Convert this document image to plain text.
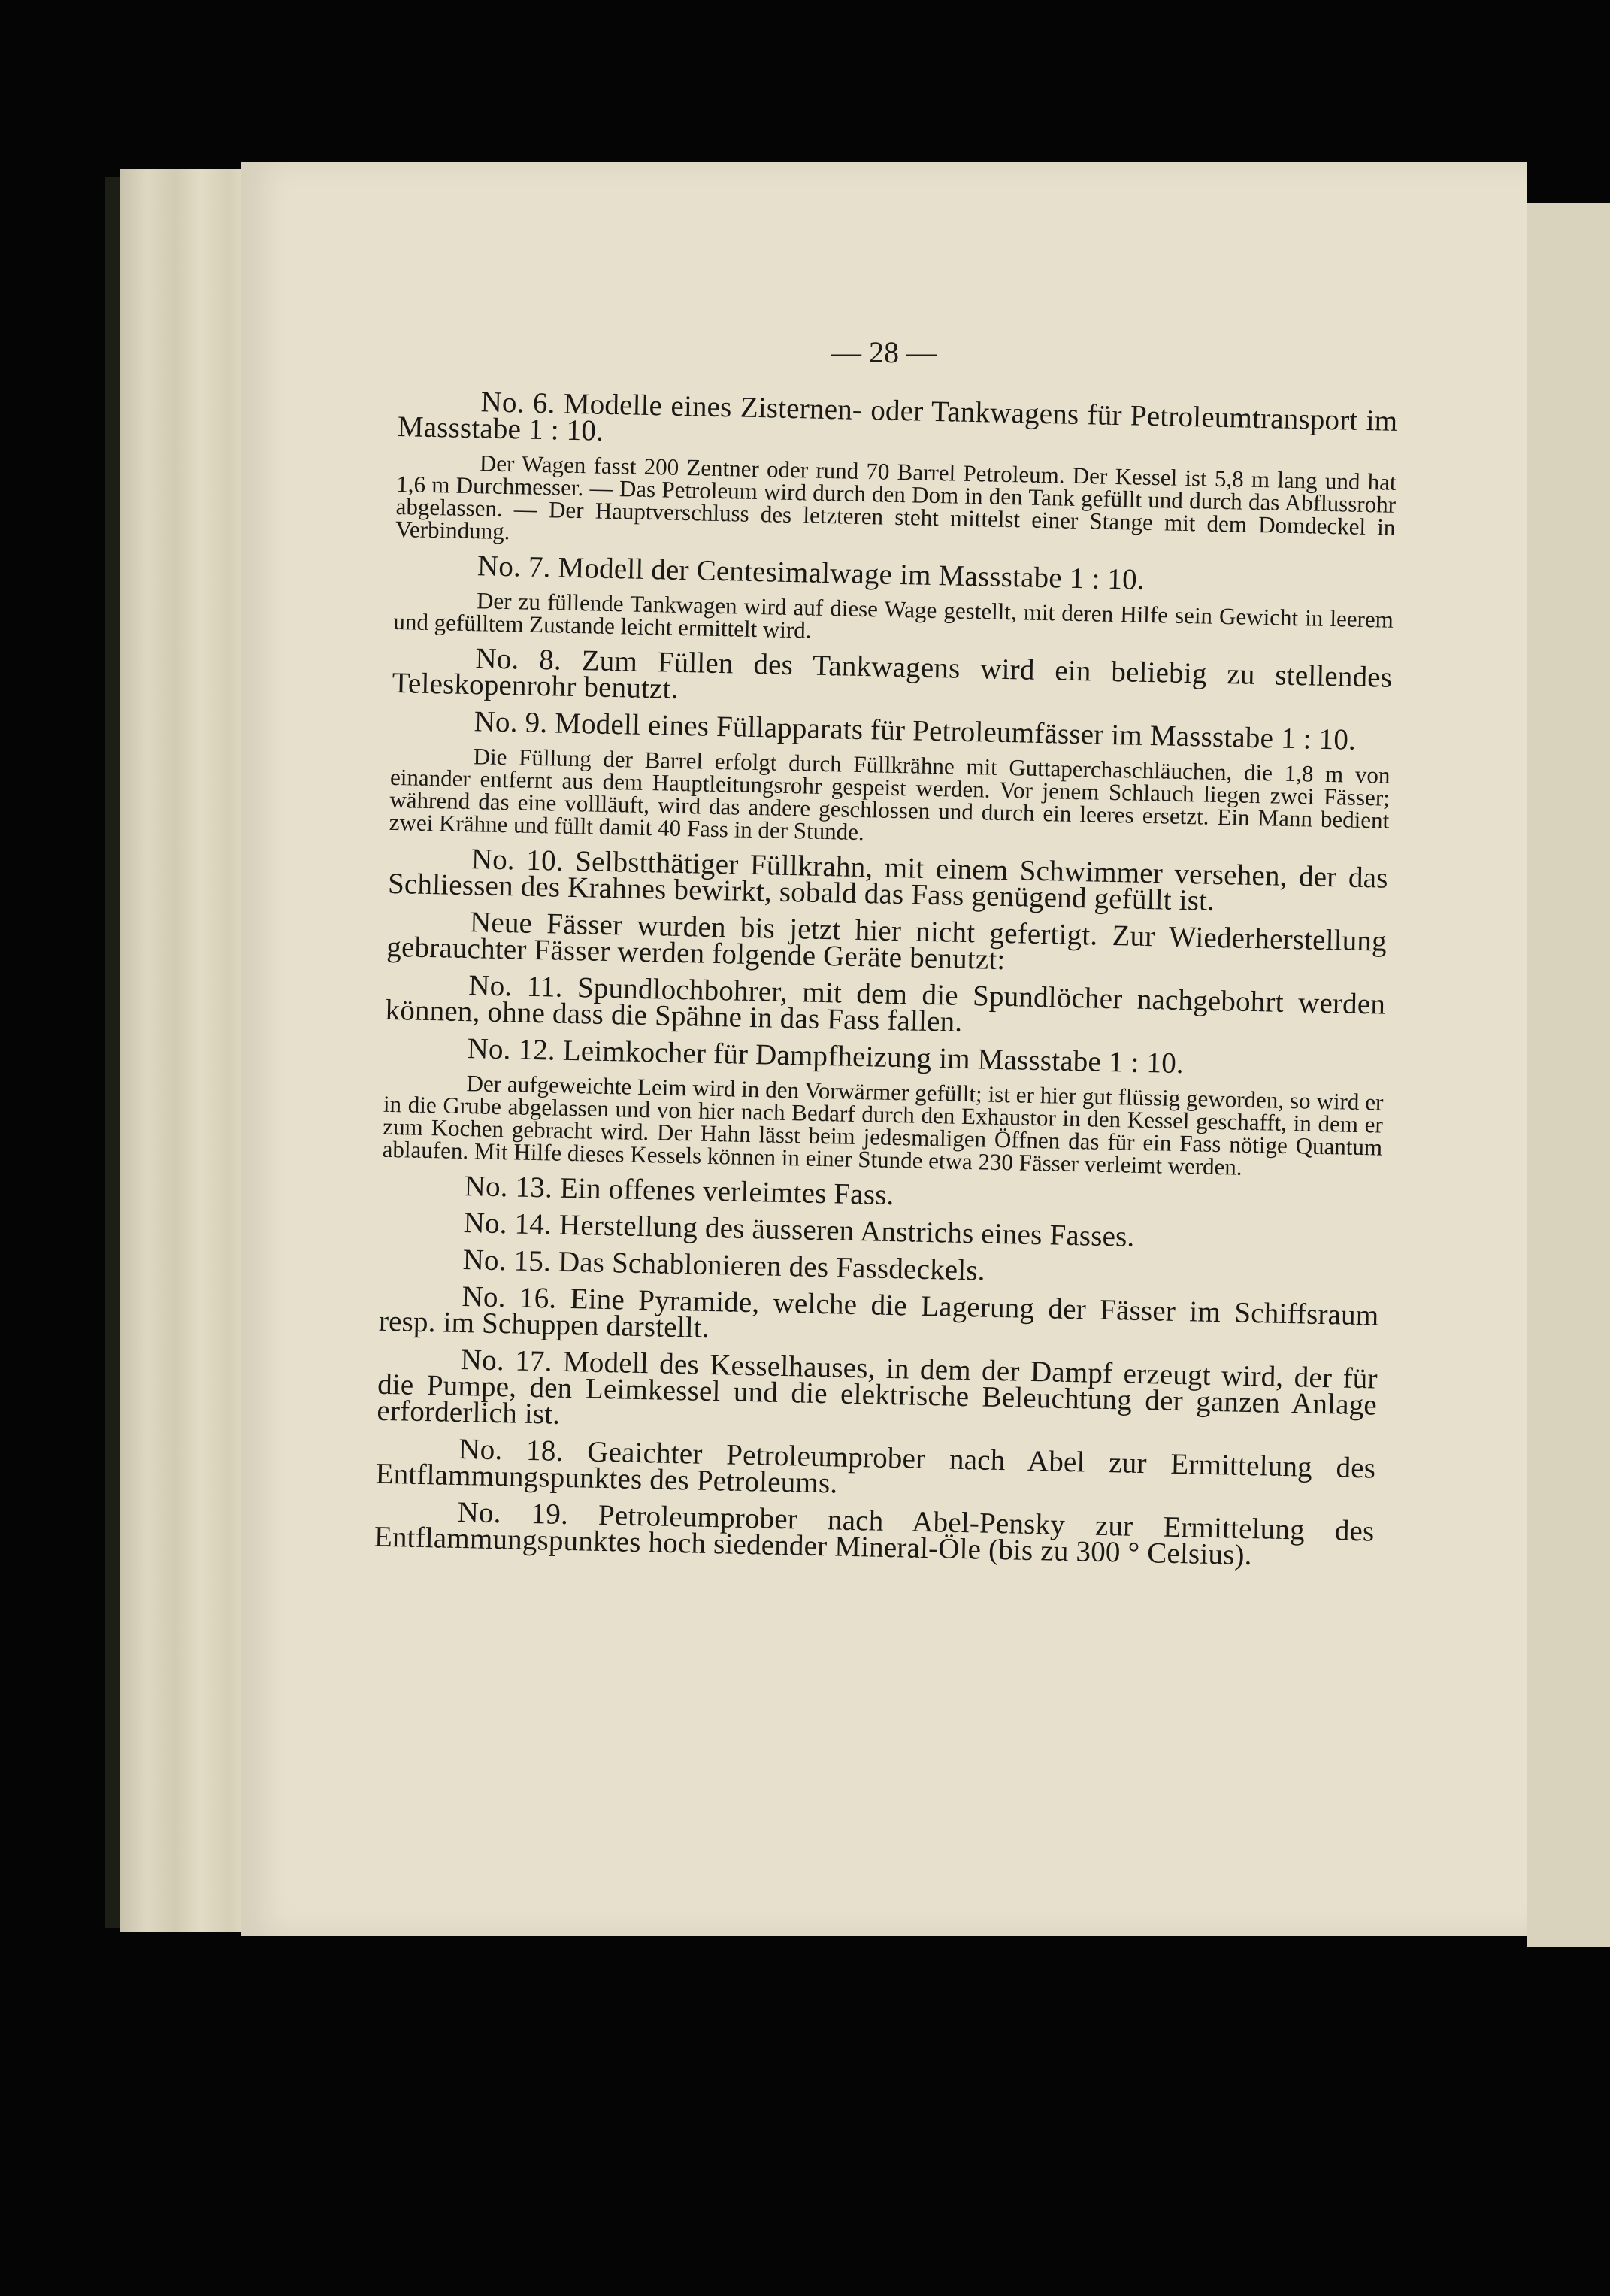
— 28 —

No. 6. Modelle eines Zisternen- oder Tankwagens für Petroleumtransport im Massstabe 1 : 10.

Der Wagen fasst 200 Zentner oder rund 70 Barrel Petroleum. Der Kessel ist 5,8 m lang und hat 1,6 m Durchmesser. — Das Petroleum wird durch den Dom in den Tank gefüllt und durch das Abflussrohr abgelassen. — Der Hauptverschluss des letzteren steht mittelst einer Stange mit dem Domdeckel in Verbindung.

No. 7. Modell der Centesimalwage im Massstabe 1 : 10.

Der zu füllende Tankwagen wird auf diese Wage gestellt, mit deren Hilfe sein Gewicht in leerem und gefülltem Zustande leicht ermittelt wird.

No. 8. Zum Füllen des Tankwagens wird ein beliebig zu stellendes Teleskopenrohr benutzt.

No. 9. Modell eines Füllapparats für Petroleumfässer im Massstabe 1 : 10.

Die Füllung der Barrel erfolgt durch Füllkrähne mit Guttaperchaschläuchen, die 1,8 m von einander entfernt aus dem Hauptleitungsrohr gespeist werden. Vor jenem Schlauch liegen zwei Fässer; während das eine vollläuft, wird das andere geschlossen und durch ein leeres ersetzt. Ein Mann bedient zwei Krähne und füllt damit 40 Fass in der Stunde.

No. 10. Selbstthätiger Füllkrahn, mit einem Schwimmer versehen, der das Schliessen des Krahnes bewirkt, sobald das Fass genügend gefüllt ist.

Neue Fässer wurden bis jetzt hier nicht gefertigt. Zur Wiederherstellung gebrauchter Fässer werden folgende Geräte benutzt:

No. 11. Spundlochbohrer, mit dem die Spundlöcher nachgebohrt werden können, ohne dass die Spähne in das Fass fallen.

No. 12. Leimkocher für Dampfheizung im Massstabe 1 : 10.

Der aufgeweichte Leim wird in den Vorwärmer gefüllt; ist er hier gut flüssig geworden, so wird er in die Grube abgelassen und von hier nach Bedarf durch den Exhaustor in den Kessel geschafft, in dem er zum Kochen gebracht wird. Der Hahn lässt beim jedesmaligen Öffnen das für ein Fass nötige Quantum ablaufen. Mit Hilfe dieses Kessels können in einer Stunde etwa 230 Fässer verleimt werden.

No. 13. Ein offenes verleimtes Fass.

No. 14. Herstellung des äusseren Anstrichs eines Fasses.

No. 15. Das Schablonieren des Fassdeckels.

No. 16. Eine Pyramide, welche die Lagerung der Fässer im Schiffsraum resp. im Schuppen darstellt.

No. 17. Modell des Kesselhauses, in dem der Dampf erzeugt wird, der für die Pumpe, den Leimkessel und die elektrische Beleuchtung der ganzen Anlage erforderlich ist.

No. 18. Geaichter Petroleumprober nach Abel zur Ermittelung des Entflammungspunktes des Petroleums.

No. 19. Petroleumprober nach Abel-Pensky zur Ermittelung des Entflammungspunktes hoch siedender Mineral-Öle (bis zu 300 ° Celsius).
